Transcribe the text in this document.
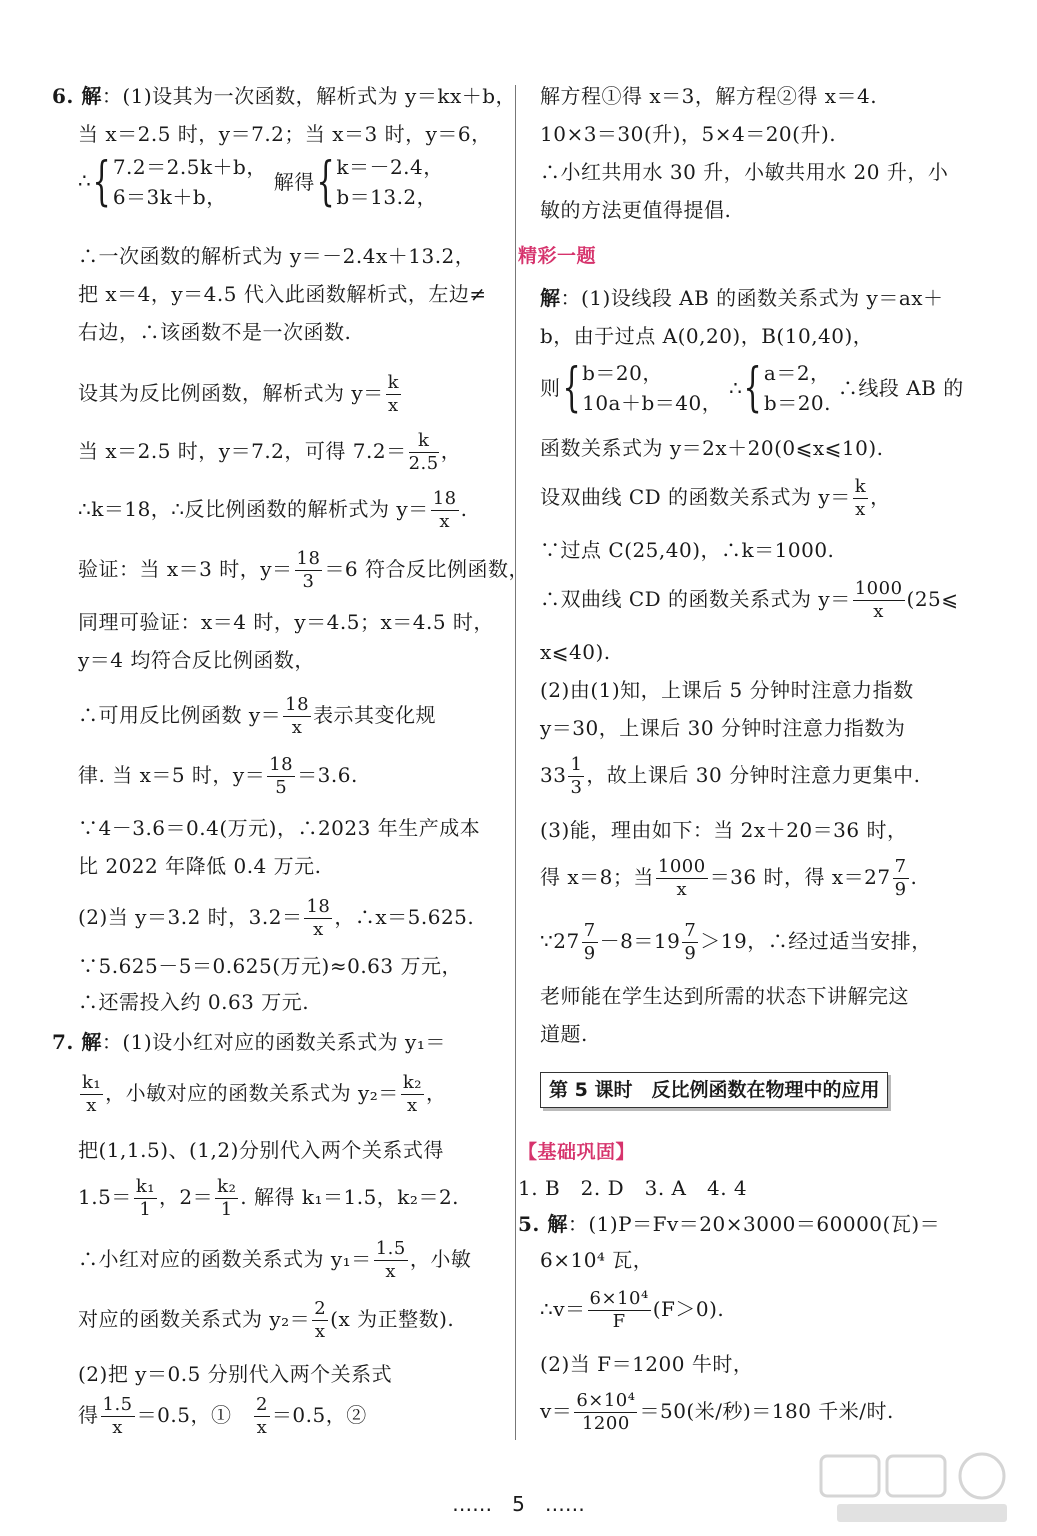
6. 解：(1)设其为一次函数，解析式为 y＝kx＋b，
当 x＝2.5 时，y＝7.2；当 x＝3 时，y＝6，
∴ { 7.2＝2.5k＋b，
6＝3k＋b，
解得 { k＝－2.4，
b＝13.2，
∴一次函数的解析式为 y＝－2.4x＋13.2，
把 x＝4，y＝4.5 代入此函数解析式，左边≠
右边，∴该函数不是一次函数.
设其为反比例函数，解析式为 $y= \frac{k}{x}$
当 x＝2.5 时，y＝7.2，可得 $7.2= \frac{k}{2.5}$ ，
∴k＝18，∴反比例函数的解析式为 $y= \frac{18}{x}$ .
验证：当 x＝3 时，$y= \frac{18}{3} =6$ 符合反比例函数，
同理可验证：x＝4 时，y＝4.5；x＝4.5 时，
y＝4 均符合反比例函数，
∴可用反比例函数 $y= \frac{18}{x}$ 表示其变化规
律. 当 x＝5 时，$y= \frac{18}{5} =3.6$.
∵4－3.6＝0.4(万元)，∴2023 年生产成本
比 2022 年降低 0.4 万元.
(2)当 y＝3.2 时，$3.2= \frac{18}{x}$ ，∴x＝5.625.
∵5.625－5＝0.625(万元)≈0.63 万元，
∴还需投入约 0.63 万元.
7. 解：(1)设小红对应的函数关系式为 y₁＝
$\frac{\text{k₁}}{x}$ ，小敏对应的函数关系式为 $y_2= \frac{\text{k₂}}{x}$ ，
把(1,1.5)、(1,2)分别代入两个关系式得
$1.5= \frac{\text{k₁}}{1}$ ，$2= \frac{\text{k₂}}{1}$ . 解得 k₁＝1.5，k₂＝2.
∴小红对应的函数关系式为 $y_1= \frac{1.5}{x}$ ，小敏
对应的函数关系式为 $y_2= \frac{2}{x} (x$ 为正整数).
(2)把 y＝0.5 分别代入两个关系式
得 $\frac{1.5}{x} =0.5$，①　 $\frac{2}{x} =0.5$，②
解方程①得 x＝3，解方程②得 x＝4.
10×3＝30(升)，5×4＝20(升).
∴小红共用水 30 升，小敏共用水 20 升，小
敏的方法更值得提倡.
精彩一题
解：(1)设线段 AB 的函数关系式为 y＝ax＋
b，由于过点 A(0,20)，B(10,40)，
则 { b＝20，
10a＋b＝40，
∴ { a＝2，
b＝20.
∴线段 AB 的
函数关系式为 y＝2x＋20(0⩽x⩽10).
设双曲线 CD 的函数关系式为 $y= \frac{k}{x}$ ，
∵过点 C(25,40)，∴k＝1000.
∴双曲线 CD 的函数关系式为 $y= \frac{1000}{x}$ (25⩽
x⩽40).
(2)由(1)知，上课后 5 分钟时注意力指数
y＝30，上课后 30 分钟时注意力指数为
$33 \frac{1}{3}$ ，故上课后 30 分钟时注意力更集中.
(3)能，理由如下：当 2x＋20＝36 时，
得 x＝8；当 $\frac{1000}{x} =36$ 时，得 $x=27 \frac{7}{9}$ .
∵27 $\frac{7}{9} -8=19 \frac{7}{9} >19$，∴经过适当安排，
老师能在学生达到所需的状态下讲解完这
道题.
第 5 课时　反比例函数在物理中的应用
【基础巩固】
1. B　2. D　3. A　4. 4
5. 解：(1)P＝Fv＝20×3000＝60000(瓦)＝
6×10⁴ 瓦，
∴v＝ $\frac{\text{6×10⁴}}{F} (F>0)$.
(2)当 F＝1200 牛时，
$v= \frac{\text{6×10⁴}}{1200} =50$(米/秒)＝180 千米/时.
……　5　……
